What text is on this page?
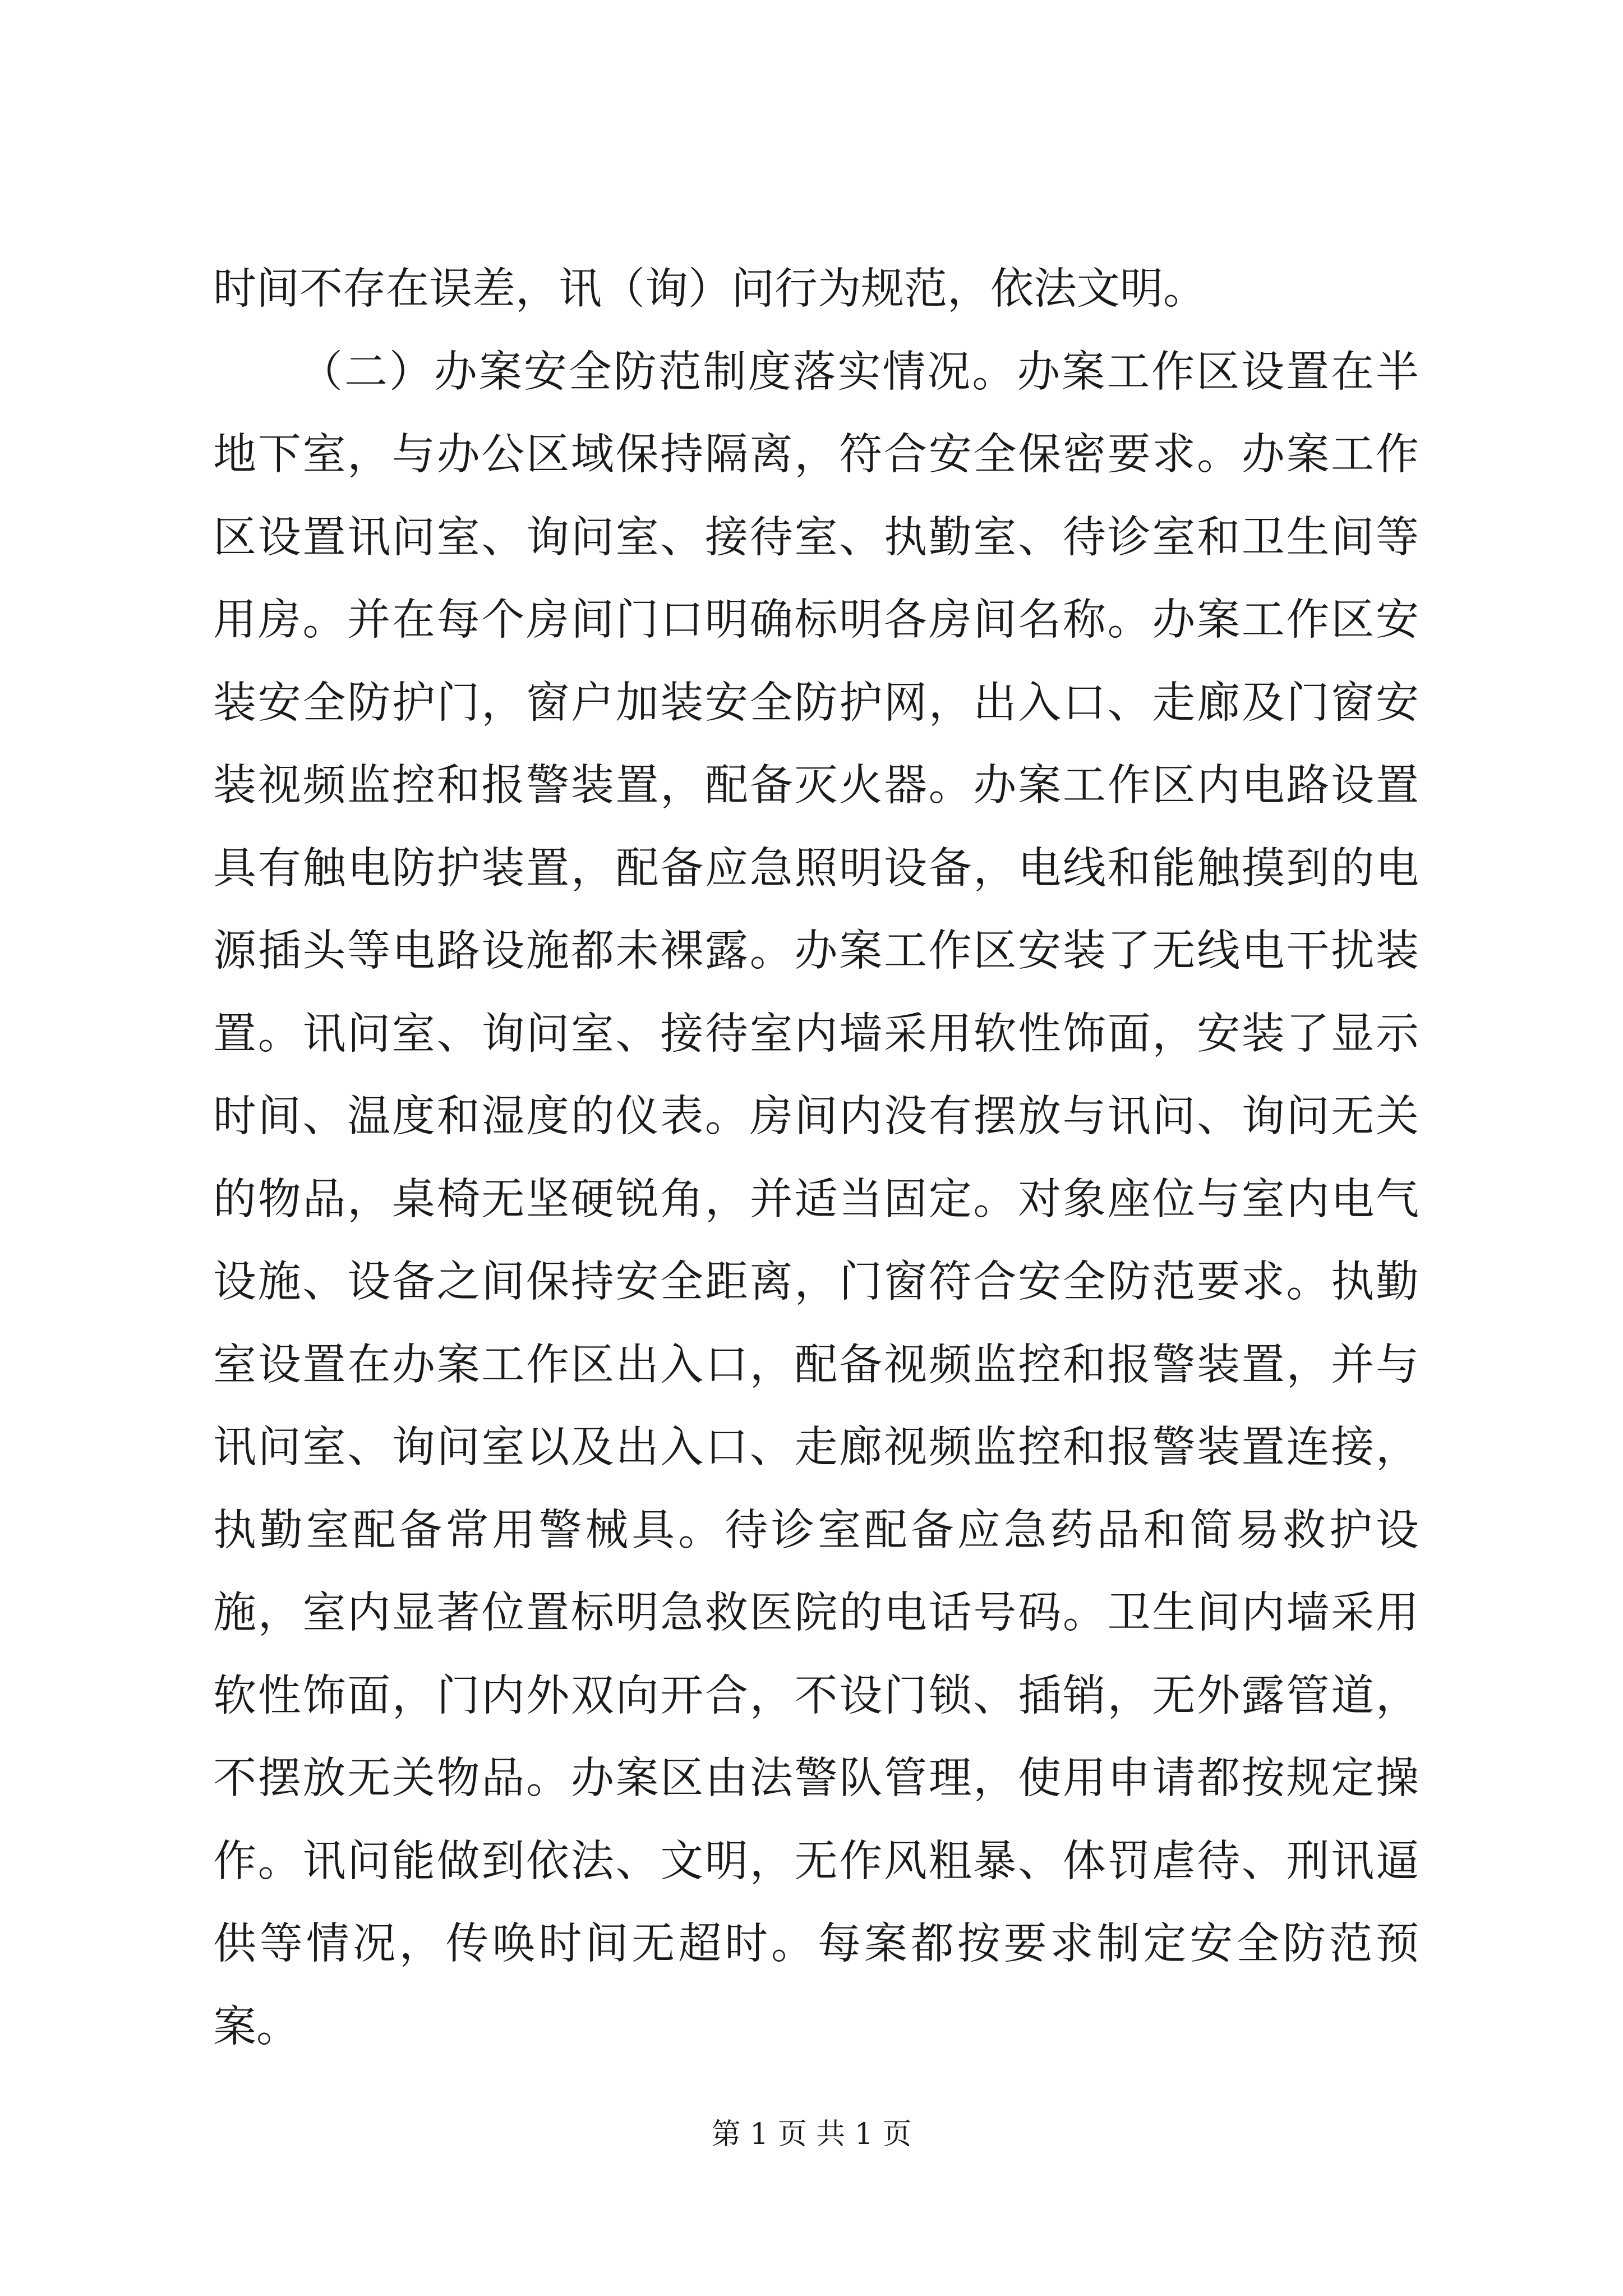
时间不存在误差，讯（询）问行为规范，依法文明。

（二）办案安全防范制度落实情况。办案工作区设置在半地下室，与办公区域保持隔离，符合安全保密要求。办案工作区设置讯问室、询问室、接待室、执勤室、待诊室和卫生间等用房。并在每个房间门口明确标明各房间名称。办案工作区安装安全防护门，窗户加装安全防护网，出入口、走廊及门窗安装视频监控和报警装置，配备灭火器。办案工作区内电路设置具有触电防护装置，配备应急照明设备，电线和能触摸到的电源插头等电路设施都未裸露。办案工作区安装了无线电干扰装置。讯问室、询问室、接待室内墙采用软性饰面，安装了显示时间、温度和湿度的仪表。房间内没有摆放与讯问、询问无关的物品，桌椅无坚硬锐角，并适当固定。对象座位与室内电气设施、设备之间保持安全距离，门窗符合安全防范要求。执勤室设置在办案工作区出入口，配备视频监控和报警装置，并与讯问室、询问室以及出入口、走廊视频监控和报警装置连接，执勤室配备常用警械具。待诊室配备应急药品和简易救护设施，室内显著位置标明急救医院的电话号码。卫生间内墙采用软性饰面，门内外双向开合，不设门锁、插销，无外露管道，不摆放无关物品。办案区由法警队管理，使用申请都按规定操作。讯问能做到依法、文明，无作风粗暴、体罚虐待、刑讯逼供等情况，传唤时间无超时。每案都按要求制定安全防范预案。

第 1 页 共 1 页
